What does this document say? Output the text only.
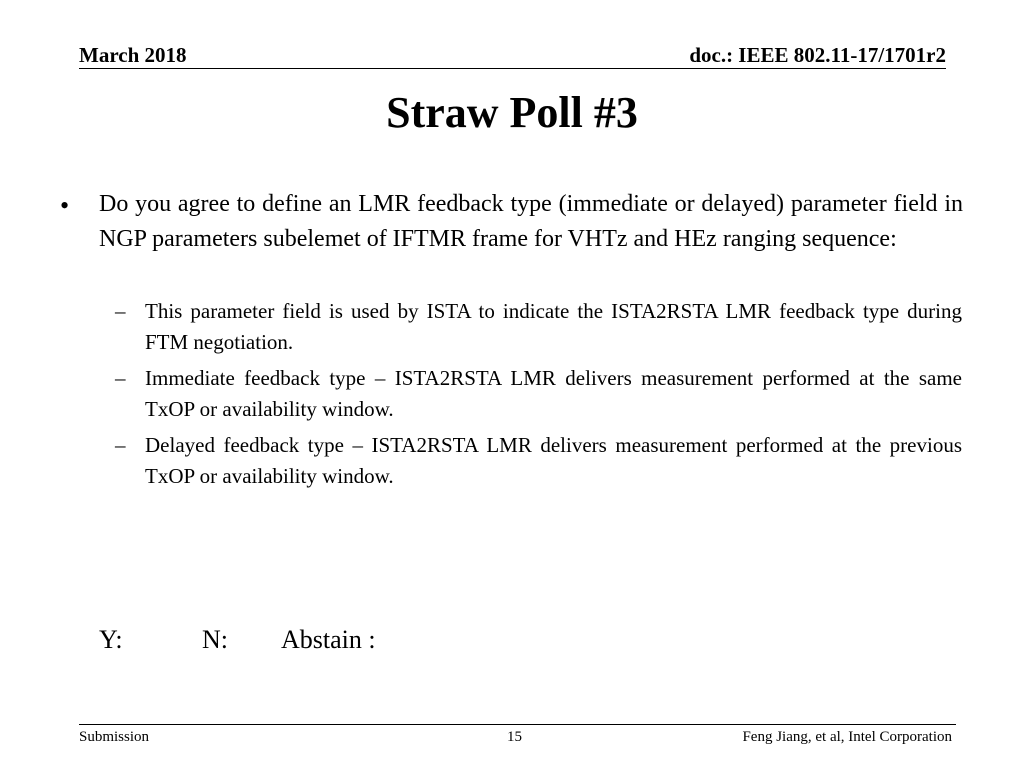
March 2018	doc.: IEEE 802.11-17/1701r2
Straw Poll #3
• Do you agree to define an LMR feedback type (immediate or delayed) parameter field in NGP parameters subelemet of IFTMR frame for VHTz and HEz ranging sequence:
– This parameter field is used by ISTA to indicate the ISTA2RSTA LMR feedback type during FTM negotiation.
– Immediate feedback type – ISTA2RSTA LMR delivers measurement performed at the same TxOP or availability window.
– Delayed feedback type – ISTA2RSTA LMR delivers measurement performed at the previous TxOP or availability window.
Y:	N: Abstain :
Submission	15	Feng Jiang, et al, Intel Corporation
